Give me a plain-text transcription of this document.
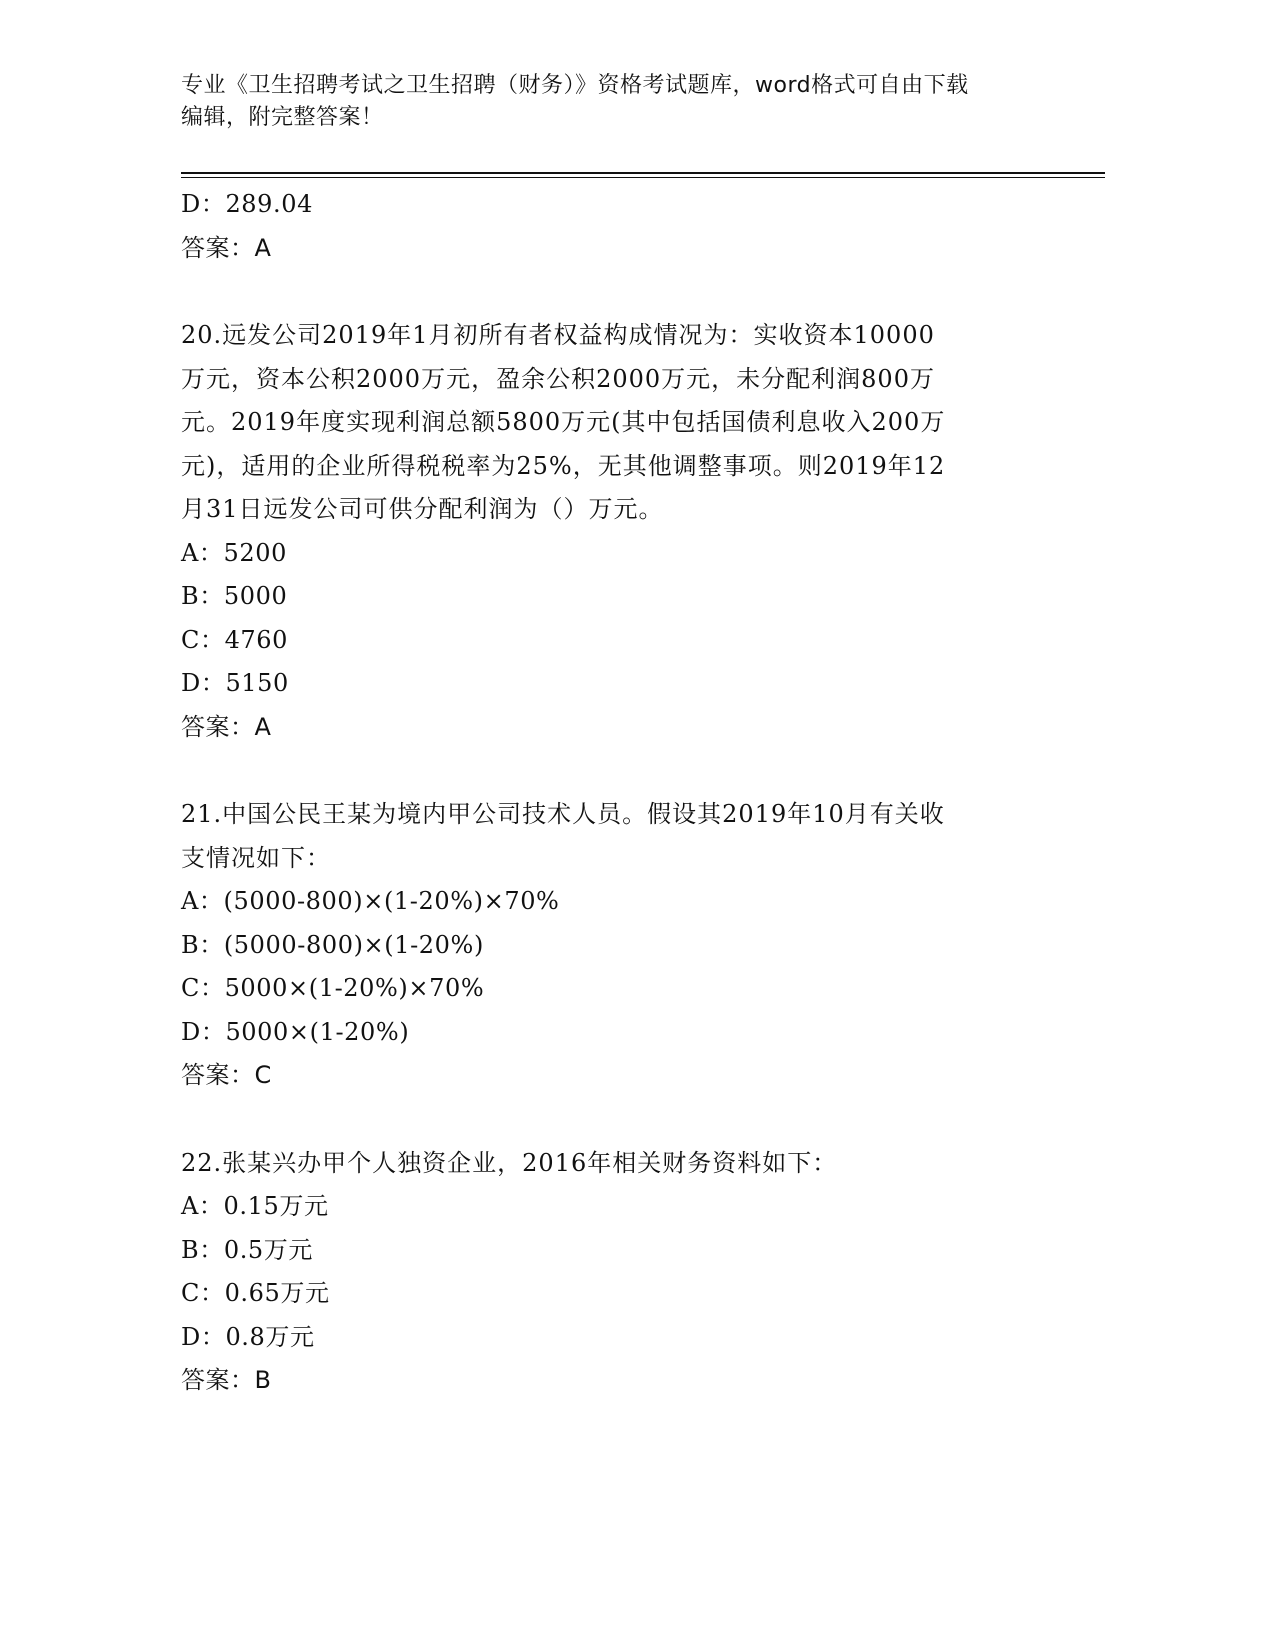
专业《卫生招聘考试之卫生招聘（财务）》资格考试题库，word格式可自由下载
编辑，附完整答案！
D：289.04
答案：A
20.远发公司2019年1月初所有者权益构成情况为：实收资本10000
万元，资本公积2000万元，盈余公积2000万元，未分配利润800万
元。2019年度实现利润总额5800万元(其中包括国债利息收入200万
元)，适用的企业所得税税率为25%，无其他调整事项。则2019年12
月31日远发公司可供分配利润为（）万元。
A：5200
B：5000
C：4760
D：5150
答案：A
21.中国公民王某为境内甲公司技术人员。假设其2019年10月有关收
支情况如下：
A：(5000-800)×(1-20%)×70%
B：(5000-800)×(1-20%)
C：5000×(1-20%)×70%
D：5000×(1-20%)
答案：C
22.张某兴办甲个人独资企业，2016年相关财务资料如下：
A：0.15万元
B：0.5万元
C：0.65万元
D：0.8万元
答案：B
